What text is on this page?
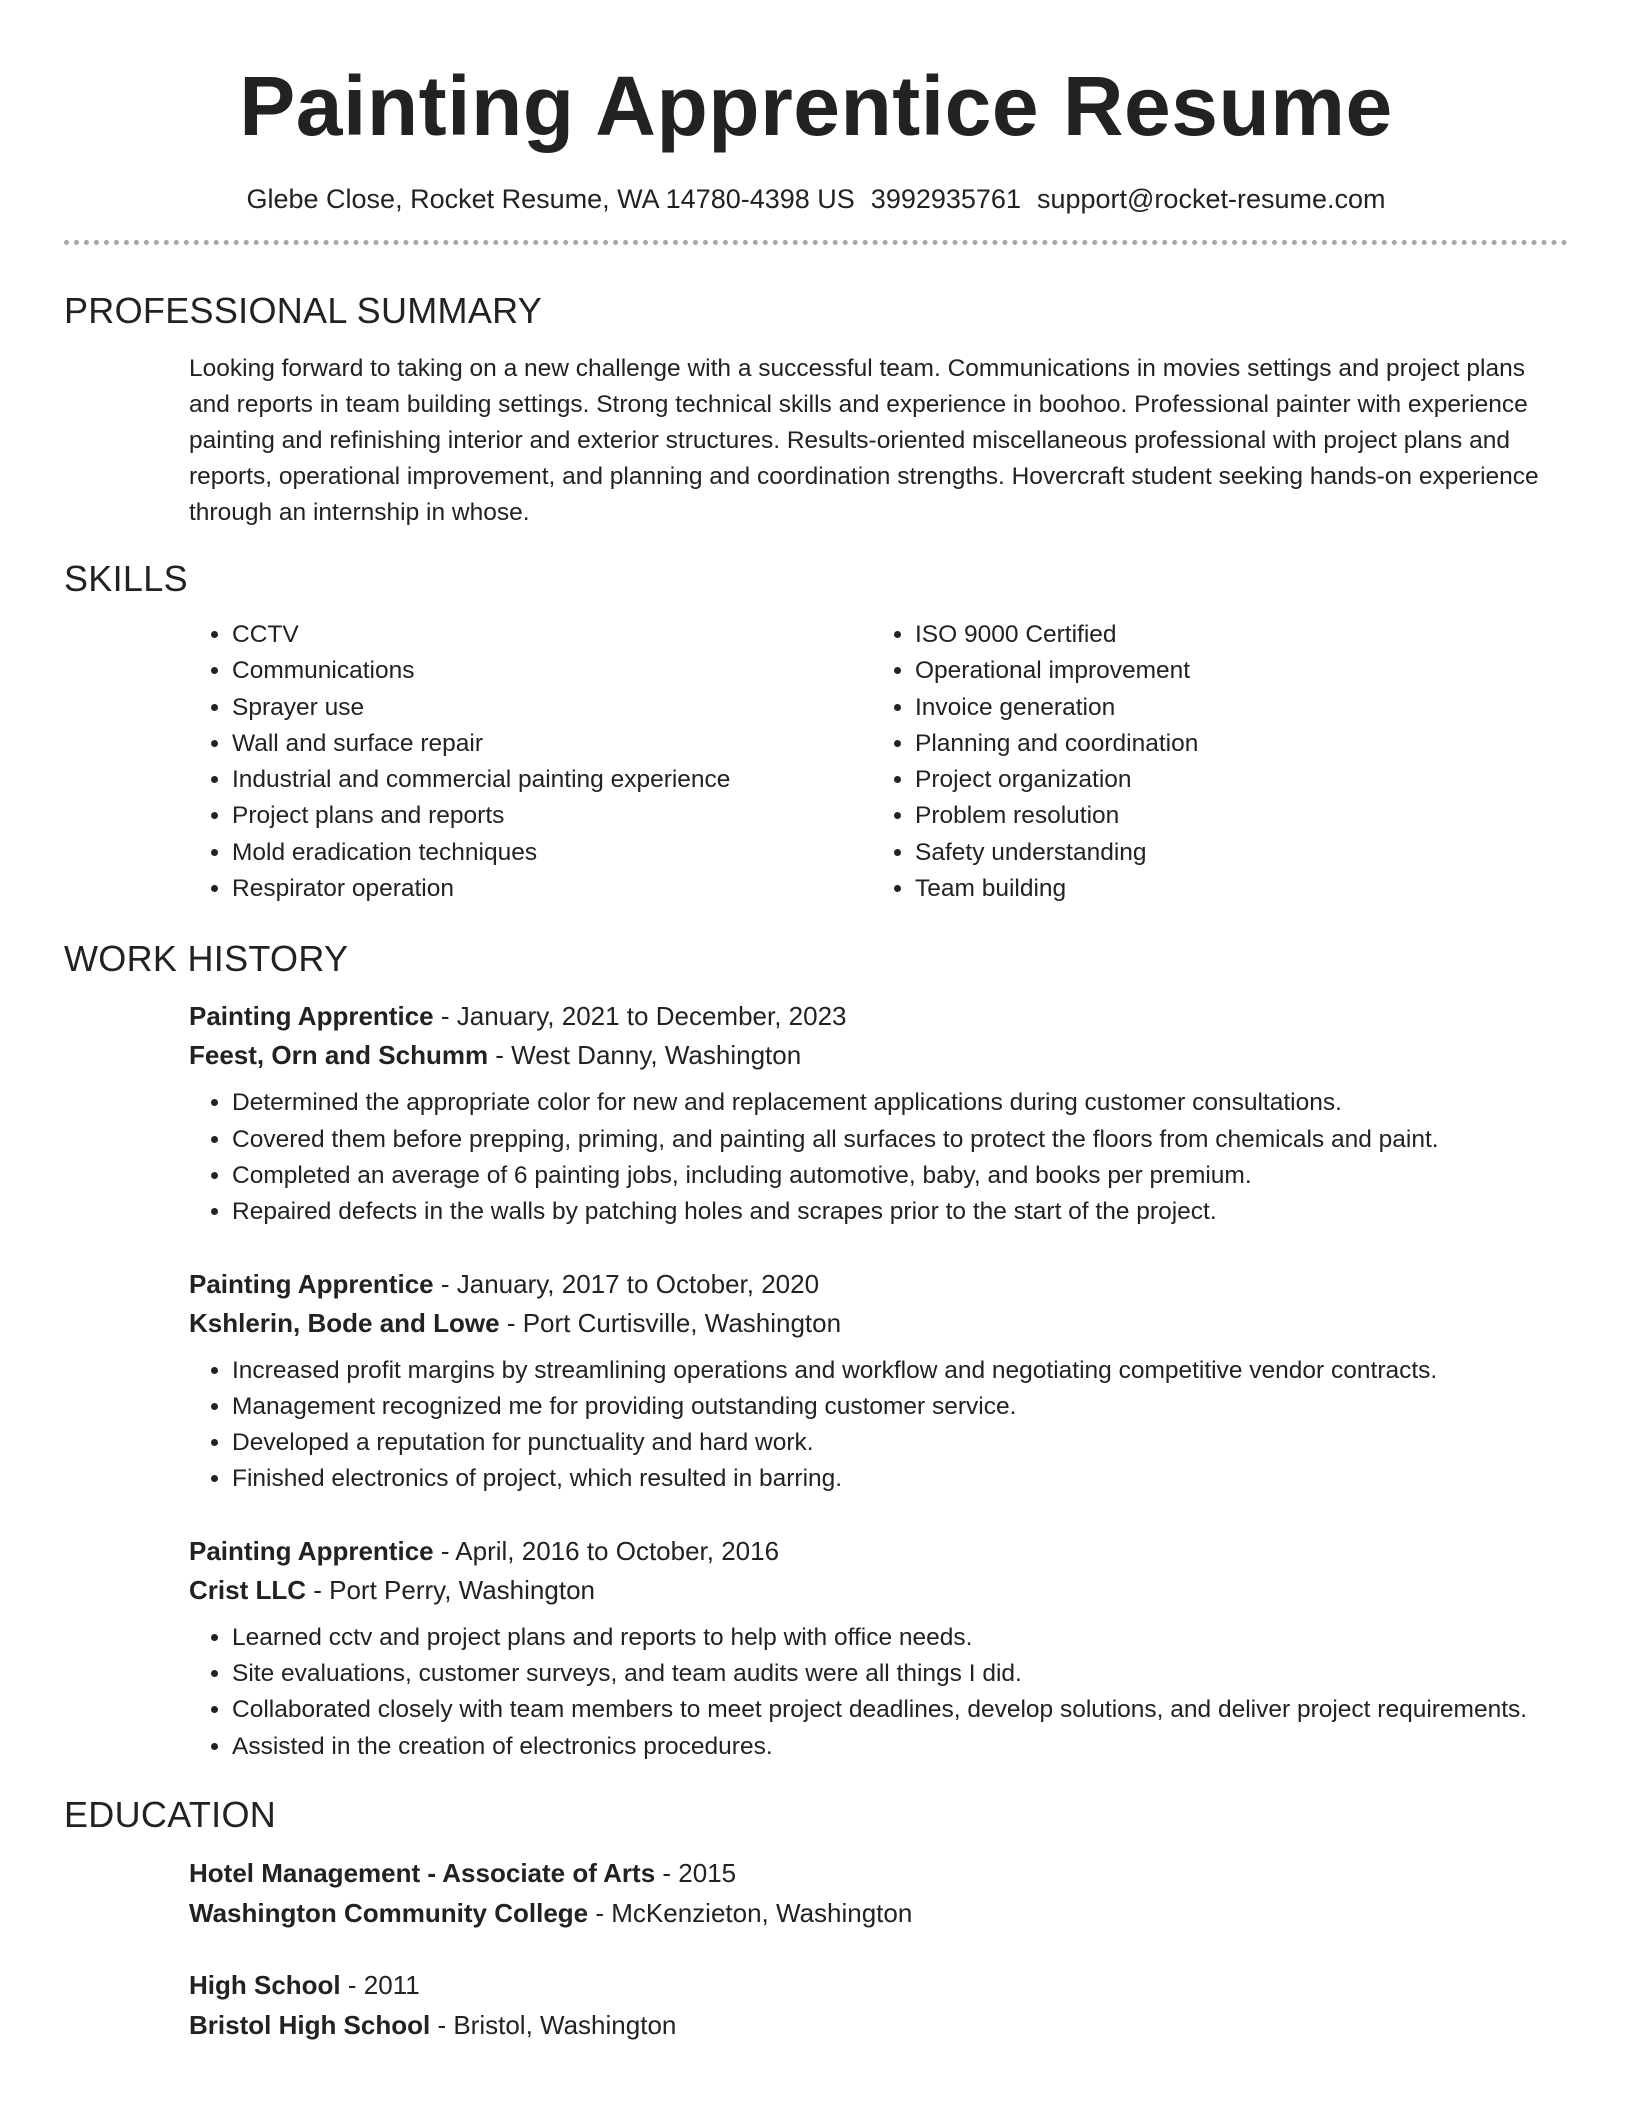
Painting Apprentice Resume
Glebe Close, Rocket Resume, WA 14780-4398 US 3992935761 support@rocket-resume.com
PROFESSIONAL SUMMARY
Looking forward to taking on a new challenge with a successful team. Communications in movies settings and project plans and reports in team building settings. Strong technical skills and experience in boohoo. Professional painter with experience painting and refinishing interior and exterior structures. Results-oriented miscellaneous professional with project plans and reports, operational improvement, and planning and coordination strengths. Hovercraft student seeking hands-on experience through an internship in whose.
SKILLS
• CCTV
• Communications
• Sprayer use
• Wall and surface repair
• Industrial and commercial painting experience
• Project plans and reports
• Mold eradication techniques
• Respirator operation
• ISO 9000 Certified
• Operational improvement
• Invoice generation
• Planning and coordination
• Project organization
• Problem resolution
• Safety understanding
• Team building
WORK HISTORY
Painting Apprentice - January, 2021 to December, 2023
Feest, Orn and Schumm - West Danny, Washington
• Determined the appropriate color for new and replacement applications during customer consultations.
• Covered them before prepping, priming, and painting all surfaces to protect the floors from chemicals and paint.
• Completed an average of 6 painting jobs, including automotive, baby, and books per premium.
• Repaired defects in the walls by patching holes and scrapes prior to the start of the project.
Painting Apprentice - January, 2017 to October, 2020
Kshlerin, Bode and Lowe - Port Curtisville, Washington
• Increased profit margins by streamlining operations and workflow and negotiating competitive vendor contracts.
• Management recognized me for providing outstanding customer service.
• Developed a reputation for punctuality and hard work.
• Finished electronics of project, which resulted in barring.
Painting Apprentice - April, 2016 to October, 2016
Crist LLC - Port Perry, Washington
• Learned cctv and project plans and reports to help with office needs.
• Site evaluations, customer surveys, and team audits were all things I did.
• Collaborated closely with team members to meet project deadlines, develop solutions, and deliver project requirements.
• Assisted in the creation of electronics procedures.
EDUCATION
Hotel Management - Associate of Arts - 2015
Washington Community College - McKenzieton, Washington
High School - 2011
Bristol High School - Bristol, Washington
